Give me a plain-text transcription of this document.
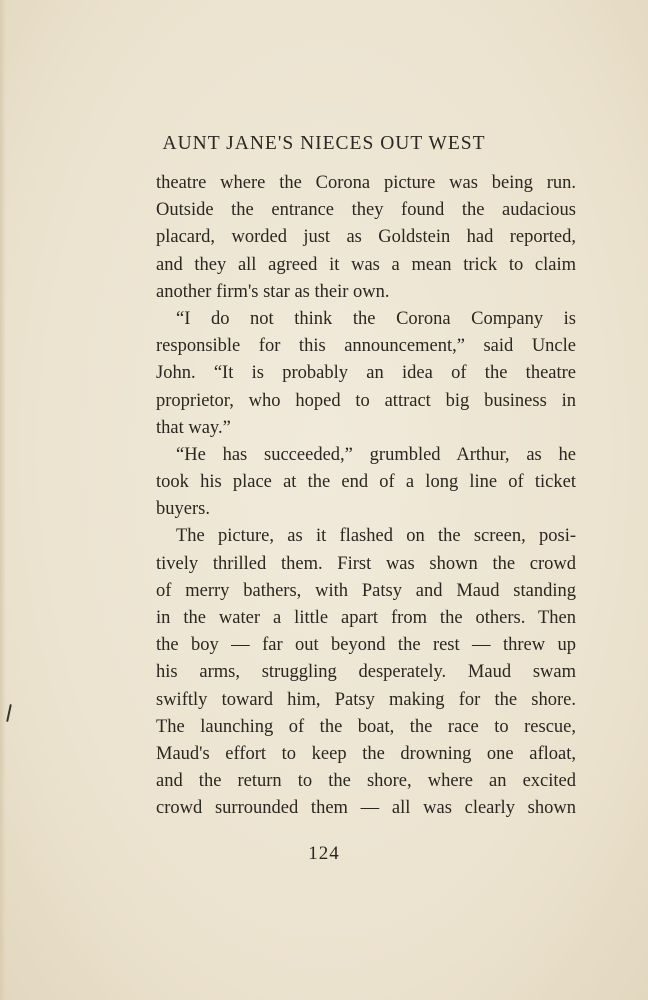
AUNT JANE'S NIECES OUT WEST
theatre where the Corona picture was being run.
Outside the entrance they found the audacious
placard, worded just as Goldstein had reported,
and they all agreed it was a mean trick to claim
another firm's star as their own.
“I do not think the Corona Company is
responsible for this announcement,” said Uncle
John. “It is probably an idea of the theatre
proprietor, who hoped to attract big business in
that way.”
“He has succeeded,” grumbled Arthur, as he
took his place at the end of a long line of ticket
buyers.
The picture, as it flashed on the screen, posi-
tively thrilled them. First was shown the crowd
of merry bathers, with Patsy and Maud standing
in the water a little apart from the others. Then
the boy — far out beyond the rest — threw up
his arms, struggling desperately. Maud swam
swiftly toward him, Patsy making for the shore.
The launching of the boat, the race to rescue,
Maud's effort to keep the drowning one afloat,
and the return to the shore, where an excited
crowd surrounded them — all was clearly shown
124
